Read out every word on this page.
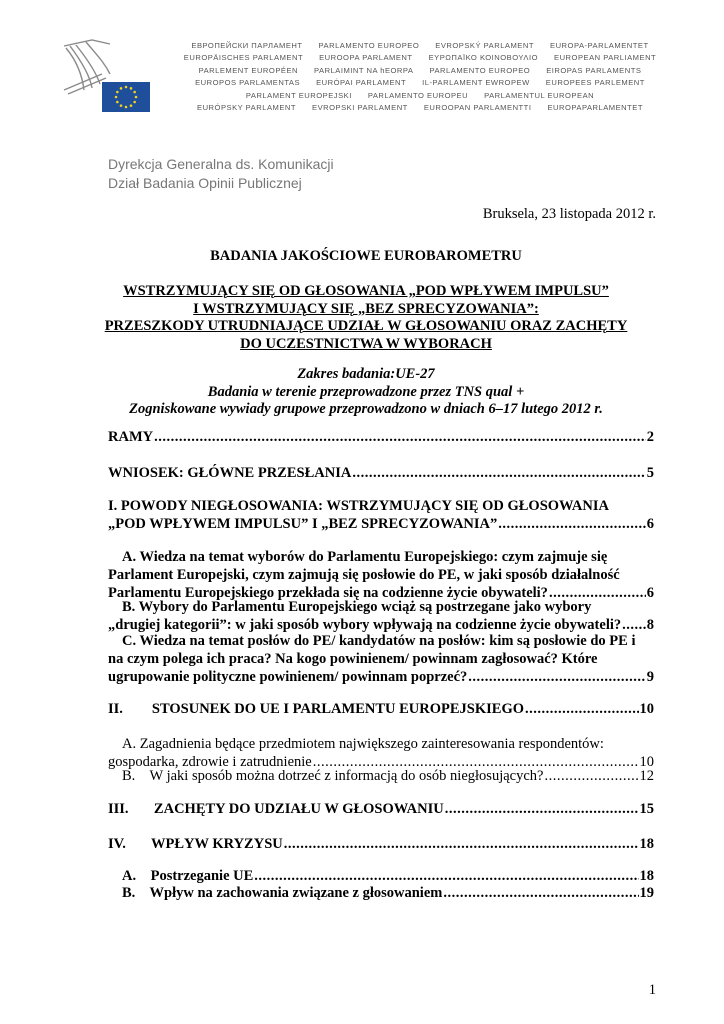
ЕВРОПЕЙСКИ ПАРЛАМЕНТ PARLAMENTO EUROPEO EVROPSKÝ PARLAMENT EUROPA-PARLAMENTET
EUROPÄISCHES PARLAMENT EUROOPA PARLAMENT ΕΥΡΩΠΑΪΚΟ ΚΟΙΝΟΒΟΥΛΙΟ EUROPEAN PARLIAMENT
PARLEMENT EUROPÉEN PARLAIMINT NA hEORPA PARLAMENTO EUROPEO EIROPAS PARLAMENTS
EUROPOS PARLAMENTAS EURÓPAI PARLAMENT IL-PARLAMENT EWROPEW EUROPEES PARLEMENT
PARLAMENT EUROPEJSKI PARLAMENTO EUROPEU PARLAMENTUL EUROPEAN
EURÓPSKY PARLAMENT EVROPSKI PARLAMENT EUROOPAN PARLAMENTTI EUROPAPARLAMENTET
Dyrekcja Generalna ds. Komunikacji
Dział Badania Opinii Publicznej
Bruksela, 23 listopada 2012 r.
BADANIA JAKOŚCIOWE EUROBAROMETRU
WSTRZYMUJĄCY SIĘ OD GŁOSOWANIA „POD WPŁYWEM IMPULSU”
I WSTRZYMUJĄCY SIĘ „BEZ SPRECYZOWANIA”:
PRZESZKODY UTRUDNIAJĄCE UDZIAŁ W GŁOSOWANIU ORAZ ZACHĘTY
DO UCZESTNICTWA W WYBORACH
Zakres badania:UE-27
Badania w terenie przeprowadzone przez TNS qual +
Zogniskowane wywiady grupowe przeprowadzono w dniach 6–17 lutego 2012 r.
RAMY .....	2
WNIOSEK: GŁÓWNE PRZESŁANIA .....	5
I. POWODY NIEGŁOSOWANIA: WSTRZYMUJĄCY SIĘ OD GŁOSOWANIA
„POD WPŁYWEM IMPULSU” I „BEZ SPRECYZOWANIA” .....	6
A. Wiedza na temat wyborów do Parlamentu Europejskiego: czym zajmuje się
Parlament Europejski, czym zajmują się posłowie do PE, w jaki sposób działalność
Parlamentu Europejskiego przekłada się na codzienne życie obywateli? .....	6
B. Wybory do Parlamentu Europejskiego wciąż są postrzegane jako wybory
„drugiej kategorii”: w jaki sposób wybory wpływają na codzienne życie obywateli? ..... 8
C. Wiedza na temat posłów do PE/ kandydatów na posłów: kim są posłowie do PE i
na czym polega ich praca? Na kogo powinienem/ powinnam zagłosować? Które
ugrupowanie polityczne powinienem/ powinnam poprzeć? .....	9
II.        STOSUNEK DO UE I PARLAMENTU EUROPEJSKIEGO .....	10
A. Zagadnienia będące przedmiotem największego zainteresowania respondentów:
gospodarka, zdrowie i zatrudnienie .....	10
B.    W jaki sposób można dotrzeć z informacją do osób niegłosujących? .....	12
III.       ZACHĘTY DO UDZIAŁU W GŁOSOWANIU .....	15
IV.       WPŁYW KRYZYSU .....	18
A.    Postrzeganie UE .....	18
B.    Wpływ na zachowania związane z głosowaniem .....	19
1
